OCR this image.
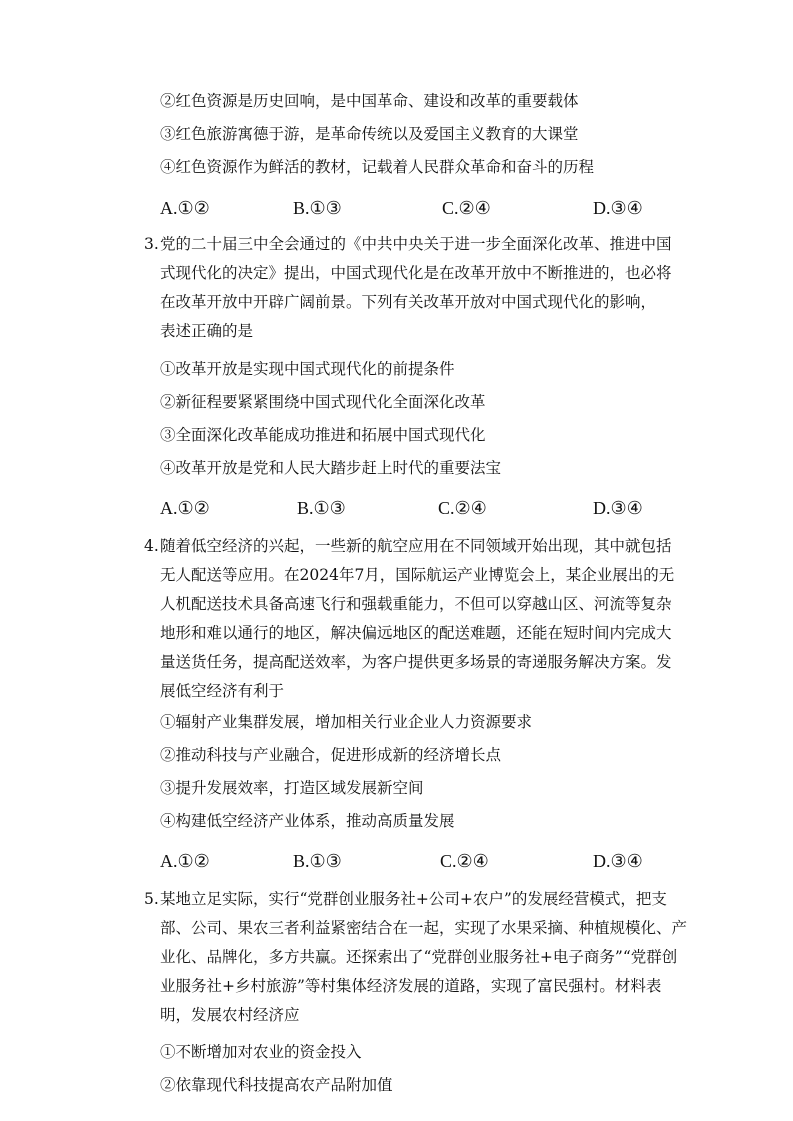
②红色资源是历史回响，是中国革命、建设和改革的重要载体
③红色旅游寓德于游，是革命传统以及爱国主义教育的大课堂
④红色资源作为鲜活的教材，记载着人民群众革命和奋斗的历程
A.①②	B.①③	C.②④	D.③④
3. 党的二十届三中全会通过的《中共中央关于进一步全面深化改革、推进中国
式现代化的决定》提出，中国式现代化是在改革开放中不断推进的，也必将
在改革开放中开辟广阔前景。下列有关改革开放对中国式现代化的影响，
表述正确的是
①改革开放是实现中国式现代化的前提条件
②新征程要紧紧围绕中国式现代化全面深化改革
③全面深化改革能成功推进和拓展中国式现代化
④改革开放是党和人民大踏步赶上时代的重要法宝
A.①②	B.①③	C.②④	D.③④
4. 随着低空经济的兴起，一些新的航空应用在不同领域开始出现，其中就包括
无人配送等应用。在2024年7月，国际航运产业博览会上，某企业展出的无
人机配送技术具备高速飞行和强载重能力，不但可以穿越山区、河流等复杂
地形和难以通行的地区，解决偏远地区的配送难题，还能在短时间内完成大
量送货任务，提高配送效率，为客户提供更多场景的寄递服务解决方案。发
展低空经济有利于
①辐射产业集群发展，增加相关行业企业人力资源要求
②推动科技与产业融合，促进形成新的经济增长点
③提升发展效率，打造区域发展新空间
④构建低空经济产业体系，推动高质量发展
A.①②	B.①③	C.②④	D.③④
5. 某地立足实际，实行“党群创业服务社+公司+农户”的发展经营模式，把支
部、公司、果农三者利益紧密结合在一起，实现了水果采摘、种植规模化、产
业化、品牌化，多方共赢。还探索出了“党群创业服务社+电子商务”“党群创
业服务社+乡村旅游”等村集体经济发展的道路，实现了富民强村。材料表
明，发展农村经济应
①不断增加对农业的资金投入
②依靠现代科技提高农产品附加值
